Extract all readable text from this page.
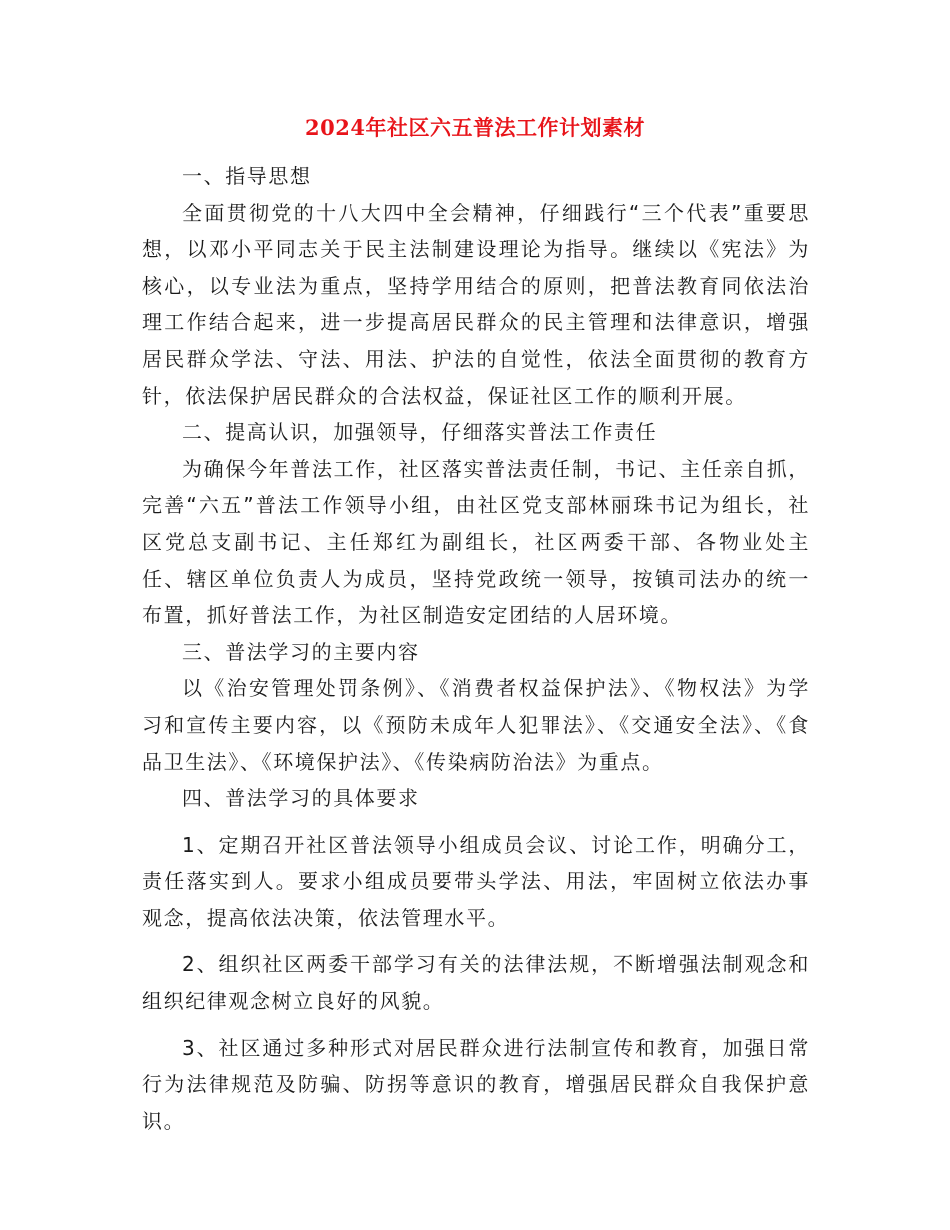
2024年社区六五普法工作计划素材

一、指导思想

全面贯彻党的十八大四中全会精神，仔细践行“三个代表”重要思想，以邓小平同志关于民主法制建设理论为指导。继续以《宪法》为核心，以专业法为重点，坚持学用结合的原则，把普法教育同依法治理工作结合起来，进一步提高居民群众的民主管理和法律意识，增强居民群众学法、守法、用法、护法的自觉性，依法全面贯彻的教育方针，依法保护居民群众的合法权益，保证社区工作的顺利开展。

二、提高认识，加强领导，仔细落实普法工作责任

为确保今年普法工作，社区落实普法责任制，书记、主任亲自抓，完善“六五”普法工作领导小组，由社区党支部林丽珠书记为组长，社区党总支副书记、主任郑红为副组长，社区两委干部、各物业处主任、辖区单位负责人为成员，坚持党政统一领导，按镇司法办的统一布置，抓好普法工作，为社区制造安定团结的人居环境。

三、普法学习的主要内容

以《治安管理处罚条例》、《消费者权益保护法》、《物权法》为学习和宣传主要内容，以《预防未成年人犯罪法》、《交通安全法》、《食品卫生法》、《环境保护法》、《传染病防治法》为重点。

四、普法学习的具体要求

1、定期召开社区普法领导小组成员会议、讨论工作，明确分工，责任落实到人。要求小组成员要带头学法、用法，牢固树立依法办事观念，提高依法决策，依法管理水平。

2、组织社区两委干部学习有关的法律法规，不断增强法制观念和组织纪律观念树立良好的风貌。

3、社区通过多种形式对居民群众进行法制宣传和教育，加强日常行为法律规范及防骗、防拐等意识的教育，增强居民群众自我保护意识。
